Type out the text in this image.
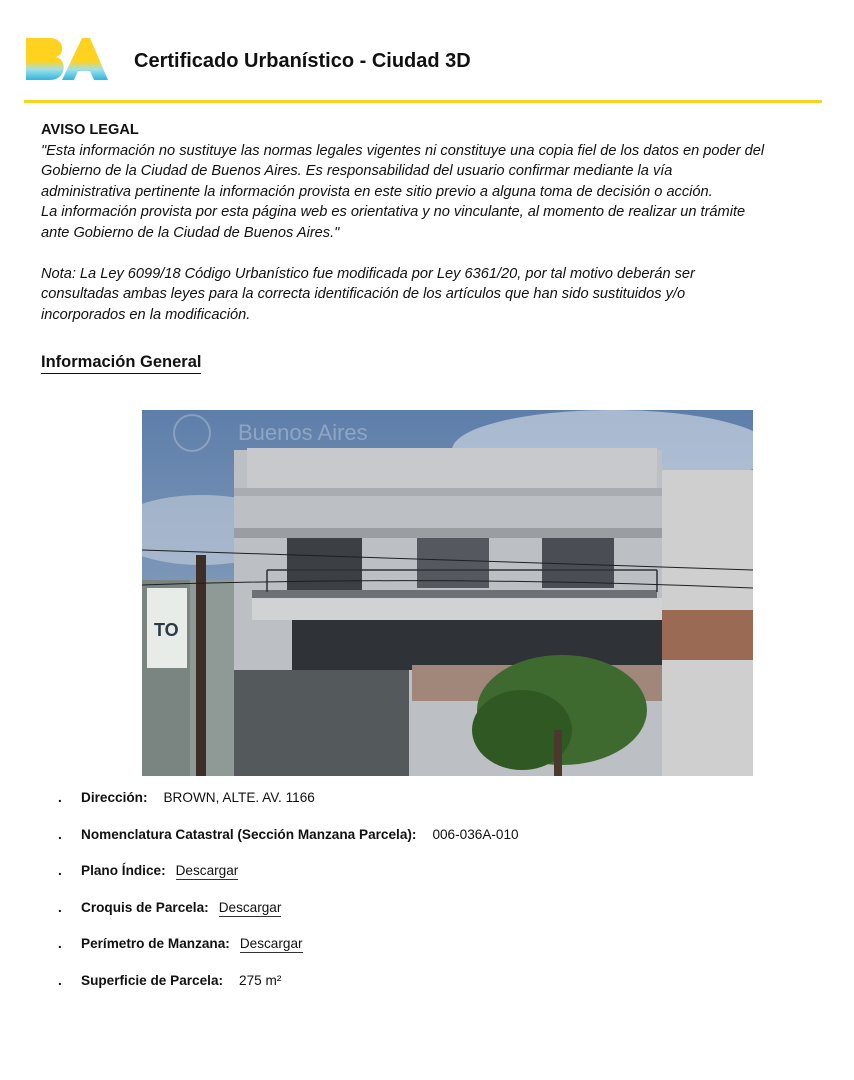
Certificado Urbanístico - Ciudad 3D
AVISO LEGAL

"Esta información no sustituye las normas legales vigentes ni constituye una copia fiel de los datos en poder del

Gobierno de la Ciudad de Buenos Aires. Es responsabilidad del usuario confirmar mediante la vía

administrativa pertinente la información provista en este sitio previo a alguna toma de decisión o acción.

La información provista por esta página web es orientativa y no vinculante, al momento de realizar un trámite

ante Gobierno de la Ciudad de Buenos Aires."

Nota: La Ley 6099/18 Código Urbanístico fue modificada por Ley 6361/20, por tal motivo deberán ser

consultadas ambas leyes para la correcta identificación de los artículos que han sido sustituidos y/o

incorporados en la modificación.

Información General
TO
Buenos Aires
.	Dirección: BROWN, ALTE. AV. 1166
.	Nomenclatura Catastral (Sección Manzana Parcela): 006-036A-010
.	Plano Índice: Descargar
.	Croquis de Parcela: Descargar
.	Perímetro de Manzana: Descargar
.	Superficie de Parcela: 275 m²
